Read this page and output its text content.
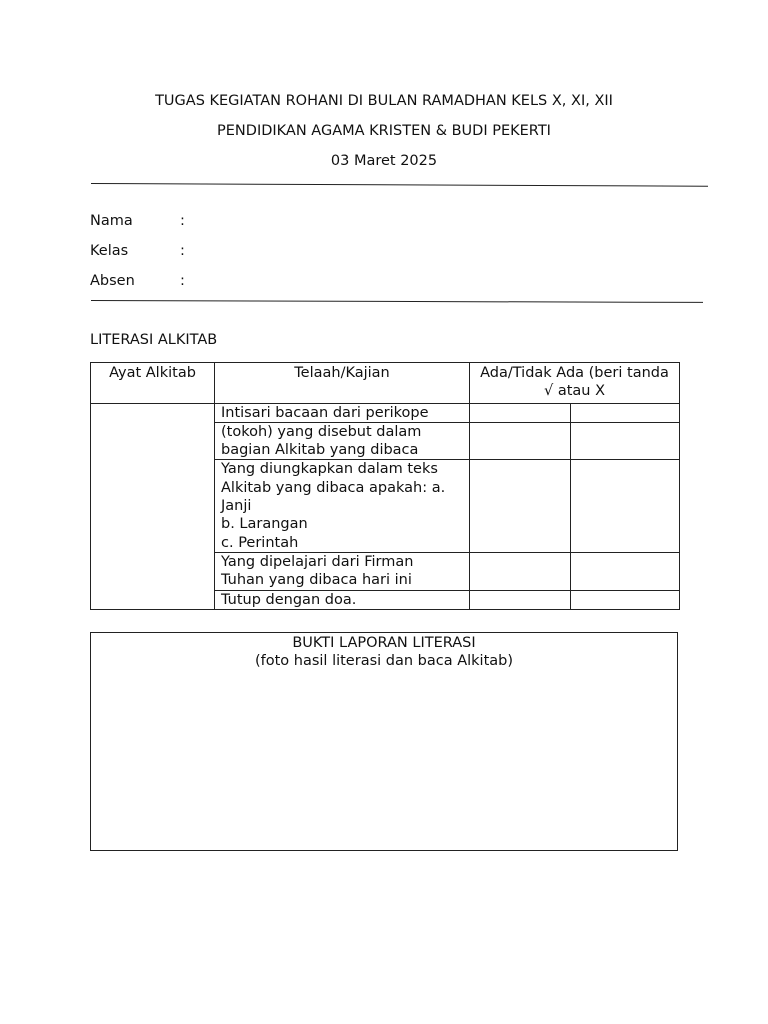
TUGAS KEGIATAN ROHANI DI BULAN RAMADHAN KELS X, XI, XII
PENDIDIKAN AGAMA KRISTEN & BUDI PEKERTI
03 Maret 2025
Nama	:
Kelas	:
Absen	:
LITERASI ALKITAB
Ayat Alkitab	Telaah/Kajian	Ada/Tidak Ada (beri tanda √ atau X	
	Intisari bacaan dari perikope		
	(tokoh) yang disebut dalam
bagian Alkitab yang dibaca		
	Yang diungkapkan dalam teks
Alkitab yang dibaca apakah: a.
Janji
b. Larangan
c. Perintah		
	Yang dipelajari dari Firman
Tuhan yang dibaca hari ini		
	Tutup dengan doa.		
BUKTI LAPORAN LITERASI
(foto hasil literasi dan baca Alkitab)
